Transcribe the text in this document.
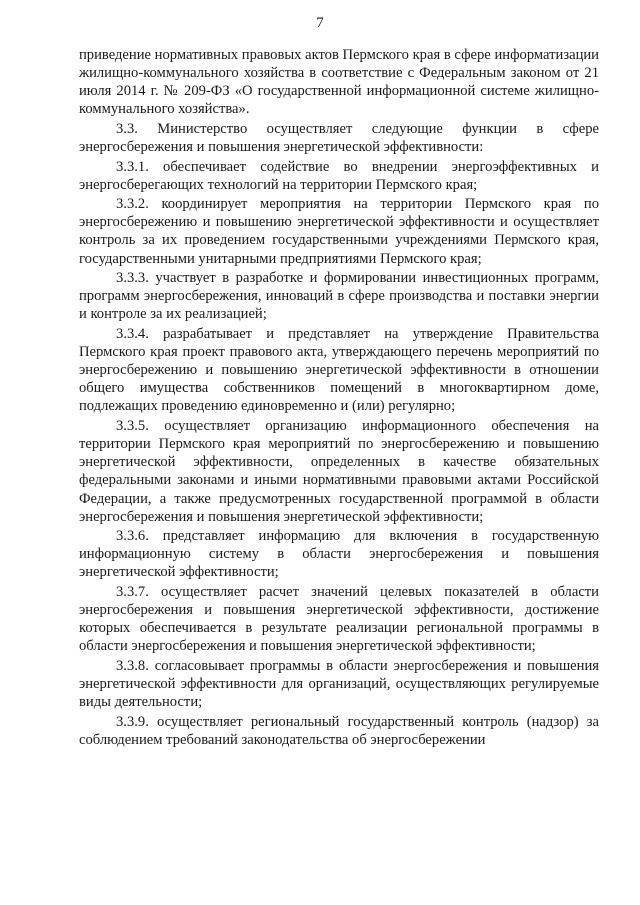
7

приведение нормативных правовых актов Пермского края в сфере информатизации жилищно-коммунального хозяйства в соответствие с Федеральным законом от 21 июля 2014 г. № 209-ФЗ «О государственной информационной системе жилищно-коммунального хозяйства».

3.3. Министерство осуществляет следующие функции в сфере энергосбережения и повышения энергетической эффективности:

3.3.1. обеспечивает содействие во внедрении энергоэффективных и энергосберегающих технологий на территории Пермского края;

3.3.2. координирует мероприятия на территории Пермского края по энергосбережению и повышению энергетической эффективности и осуществляет контроль за их проведением государственными учреждениями Пермского края, государственными унитарными предприятиями Пермского края;

3.3.3. участвует в разработке и формировании инвестиционных программ, программ энергосбережения, инноваций в сфере производства и поставки энергии и контроле за их реализацией;

3.3.4. разрабатывает и представляет на утверждение Правительства Пермского края проект правового акта, утверждающего перечень мероприятий по энергосбережению и повышению энергетической эффективности в отношении общего имущества собственников помещений в многоквартирном доме, подлежащих проведению единовременно и (или) регулярно;

3.3.5. осуществляет организацию информационного обеспечения на территории Пермского края мероприятий по энергосбережению и повышению энергетической эффективности, определенных в качестве обязательных федеральными законами и иными нормативными правовыми актами Российской Федерации, а также предусмотренных государственной программой в области энергосбережения и повышения энергетической эффективности;

3.3.6. представляет информацию для включения в государственную информационную систему в области энергосбережения и повышения энергетической эффективности;

3.3.7. осуществляет расчет значений целевых показателей в области энергосбережения и повышения энергетической эффективности, достижение которых обеспечивается в результате реализации региональной программы в области энергосбережения и повышения энергетической эффективности;

3.3.8. согласовывает программы в области энергосбережения и повышения энергетической эффективности для организаций, осуществляющих регулируемые виды деятельности;

3.3.9. осуществляет региональный государственный контроль (надзор) за соблюдением требований законодательства об энергосбережении
